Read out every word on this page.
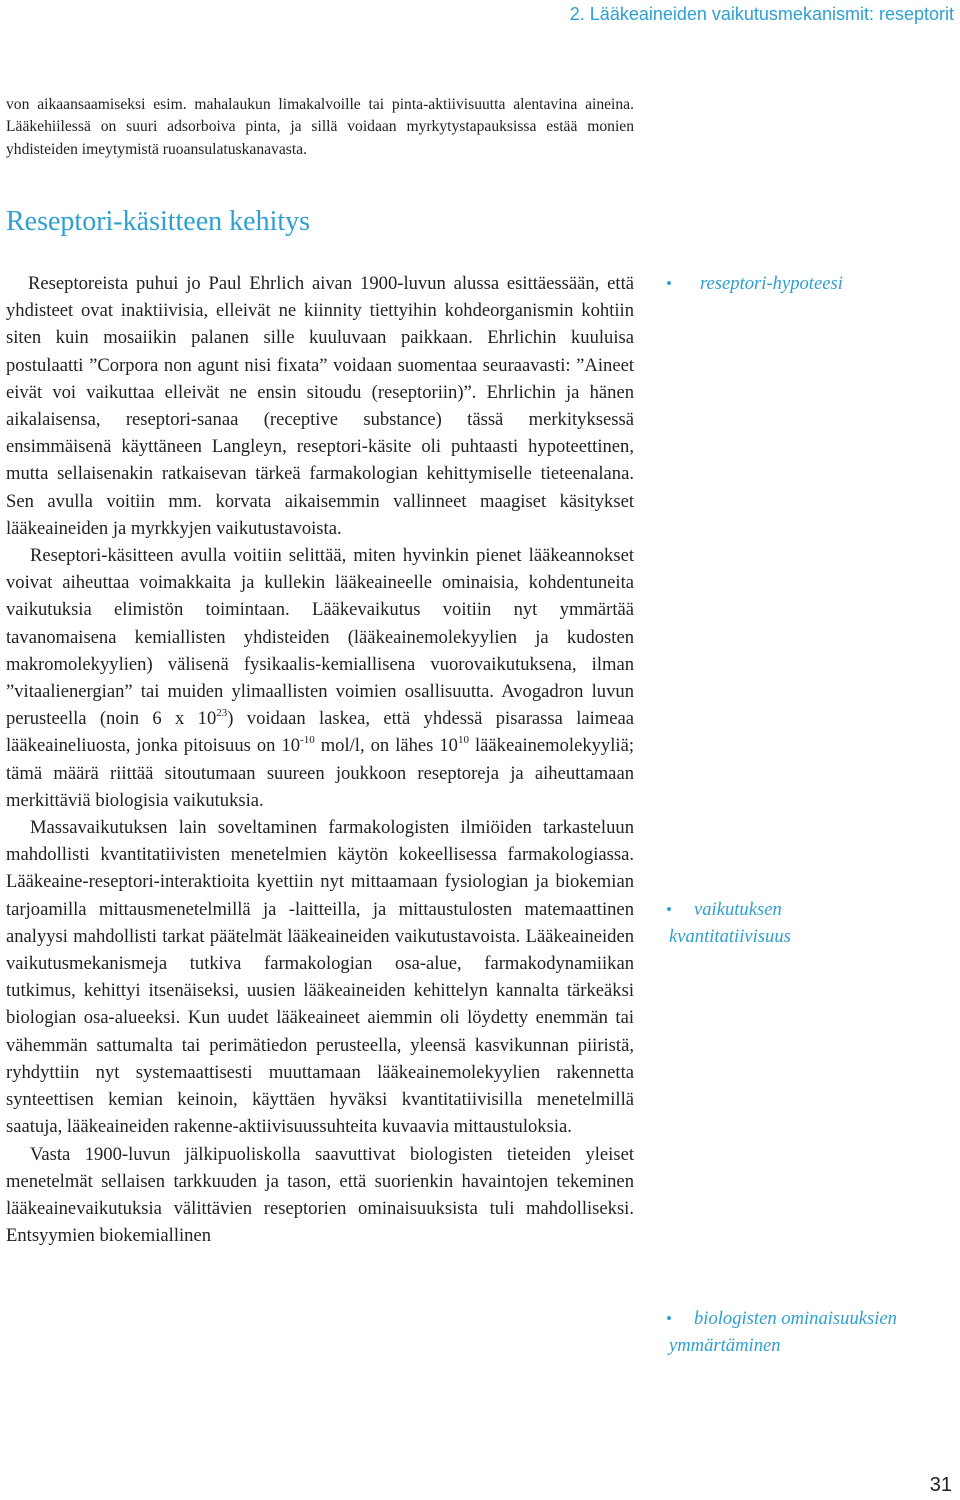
2. Lääkeaineiden vaikutusmekanismit: reseptorit

von aikaansaamiseksi esim. mahalaukun limakalvoille tai pinta-aktiivisuutta alentavina aineina. Lääkehiilessä on suuri adsorboiva pinta, ja sillä voidaan myrkytystapauksissa estää monien yhdisteiden imeytymistä ruoansulatuskanavasta.

Reseptori-käsitteen kehitys

Reseptoreista puhui jo Paul Ehrlich aivan 1900-luvun alussa esittäessään, että yhdisteet ovat inaktiivisia, elleivät ne kiinnity tiettyihin kohdeorganismin kohtiin siten kuin mosaiikin palanen sille kuuluvaan paikkaan. Ehrlichin kuuluisa postulaatti ”Corpora non agunt nisi fixata” voidaan suomentaa seuraavasti: ”Aineet eivät voi vaikuttaa elleivät ne ensin sitoudu (reseptoriin)”. Ehrlichin ja hänen aikalaisensa, reseptori-sanaa (receptive substance) tässä merkityksessä ensimmäisenä käyttäneen Langleyn, reseptori-käsite oli puhtaasti hypoteettinen, mutta sellaisenakin ratkaisevan tärkeä farmakologian kehittymiselle tieteenalana. Sen avulla voitiin mm. korvata aikaisemmin vallinneet maagiset käsitykset lääkeaineiden ja myrkkyjen vaikutustavoista.

Reseptori-käsitteen avulla voitiin selittää, miten hyvinkin pienet lääkeannokset voivat aiheuttaa voimakkaita ja kullekin lääkeaineelle ominaisia, kohdentuneita vaikutuksia elimistön toimintaan. Lääkevaikutus voitiin nyt ymmärtää tavanomaisena kemiallisten yhdisteiden (lääkeainemolekyylien ja kudosten makromolekyylien) välisenä fysikaalis-kemiallisena vuorovaikutuksena, ilman ”vitaalienergian” tai muiden ylimaallisten voimien osallisuutta. Avogadron luvun perusteella (noin 6 x $10^{23}$) voidaan laskea, että yhdessä pisarassa laimeaa lääkeaineliuosta, jonka pitoisuus on $10^{-10}$ mol/l, on lähes $10^{10}$ lääkeainemolekyyliä; tämä määrä riittää sitoutumaan suureen joukkoon reseptoreja ja aiheuttamaan merkittäviä biologisia vaikutuksia.

Massavaikutuksen lain soveltaminen farmakologisten ilmiöiden tarkasteluun mahdollisti kvantitatiivisten menetelmien käytön kokeellisessa farmakologiassa. Lääkeaine-reseptori-interaktioita kyettiin nyt mittaamaan fysiologian ja biokemian tarjoamilla mittausmenetelmillä ja -laitteilla, ja mittaustulosten matemaattinen analyysi mahdollisti tarkat päätelmät lääkeaineiden vaikutustavoista. Lääkeaineiden vaikutusmekanismeja tutkiva farmakologian osa-alue, farmakodynamiikan tutkimus, kehittyi itsenäiseksi, uusien lääkeaineiden kehittelyn kannalta tärkeäksi biologian osa-alueeksi. Kun uudet lääkeaineet aiemmin oli löydetty enemmän tai vähemmän sattumalta tai perimätiedon perusteella, yleensä kasvikunnan piiristä, ryhdyttiin nyt systemaattisesti muuttamaan lääkeainemolekyylien rakennetta synteettisen kemian keinoin, käyttäen hyväksi kvantitatiivisilla menetelmillä saatuja, lääkeaineiden rakenne-aktiivisuussuhteita kuvaavia mittaustuloksia.

Vasta 1900-luvun jälkipuoliskolla saavuttivat biologisten tieteiden yleiset menetelmät sellaisen tarkkuuden ja tason, että suorienkin havaintojen tekeminen lääkeainevaikutuksia välittävien reseptorien ominaisuuksista tuli mahdolliseksi. Entsyymien biokemiallinen

•	reseptori-hypoteesi
•	vaikutuksen
kvantitatiivisuus
•	biologisten ominaisuuksien
ymmärtäminen
31
